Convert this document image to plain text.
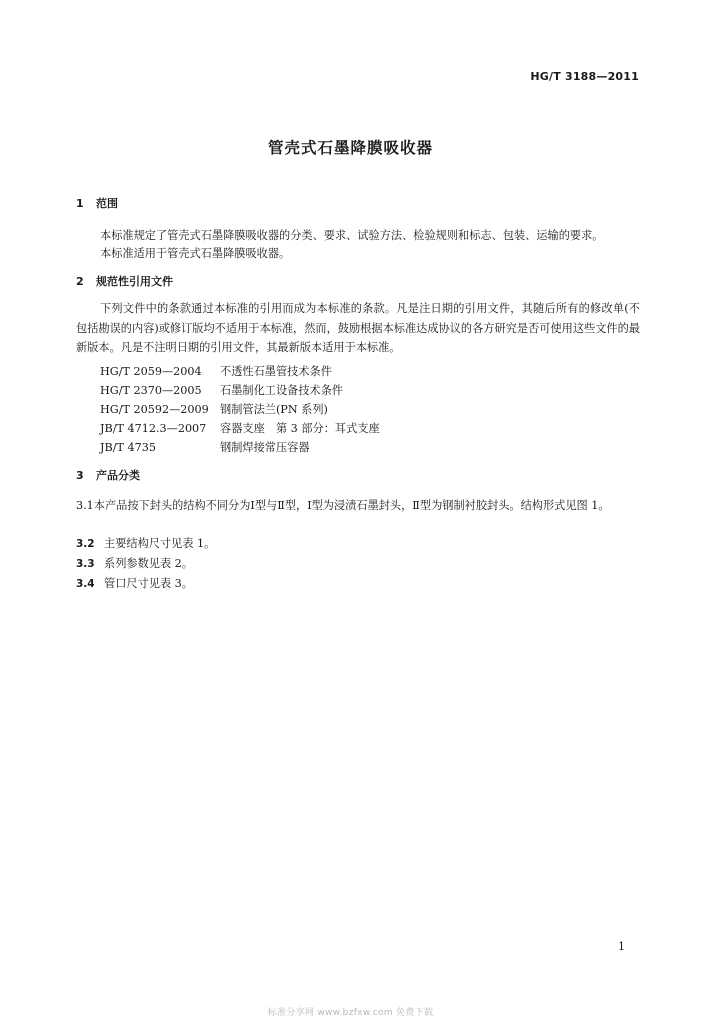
HG/T 3188—2011
管壳式石墨降膜吸收器
1 范围
本标准规定了管壳式石墨降膜吸收器的分类、要求、试验方法、检验规则和标志、包装、运输的要求。
本标准适用于管壳式石墨降膜吸收器。
2 规范性引用文件
下列文件中的条款通过本标准的引用而成为本标准的条款。凡是注日期的引用文件，其随后所有的修改单(不包括勘误的内容)或修订版均不适用于本标准，然而，鼓励根据本标准达成协议的各方研究是否可使用这些文件的最新版本。凡是不注明日期的引用文件，其最新版本适用于本标准。
HG/T 2059—2004 不透性石墨管技术条件
HG/T 2370—2005 石墨制化工设备技术条件
HG/T 20592—2009 钢制管法兰(PN 系列)
JB/T 4712.3—2007 容器支座　第 3 部分：耳式支座
JB/T 4735	钢制焊接常压容器
3 产品分类
3.1本产品按下封头的结构不同分为Ⅰ型与Ⅱ型，Ⅰ型为浸渍石墨封头，Ⅱ型为钢制衬胶封头。结构形式见图 1。
3.2 主要结构尺寸见表 1。
3.3 系列参数见表 2。
3.4 管口尺寸见表 3。
1
标准分享网 www.bzfxw.com 免费下载
